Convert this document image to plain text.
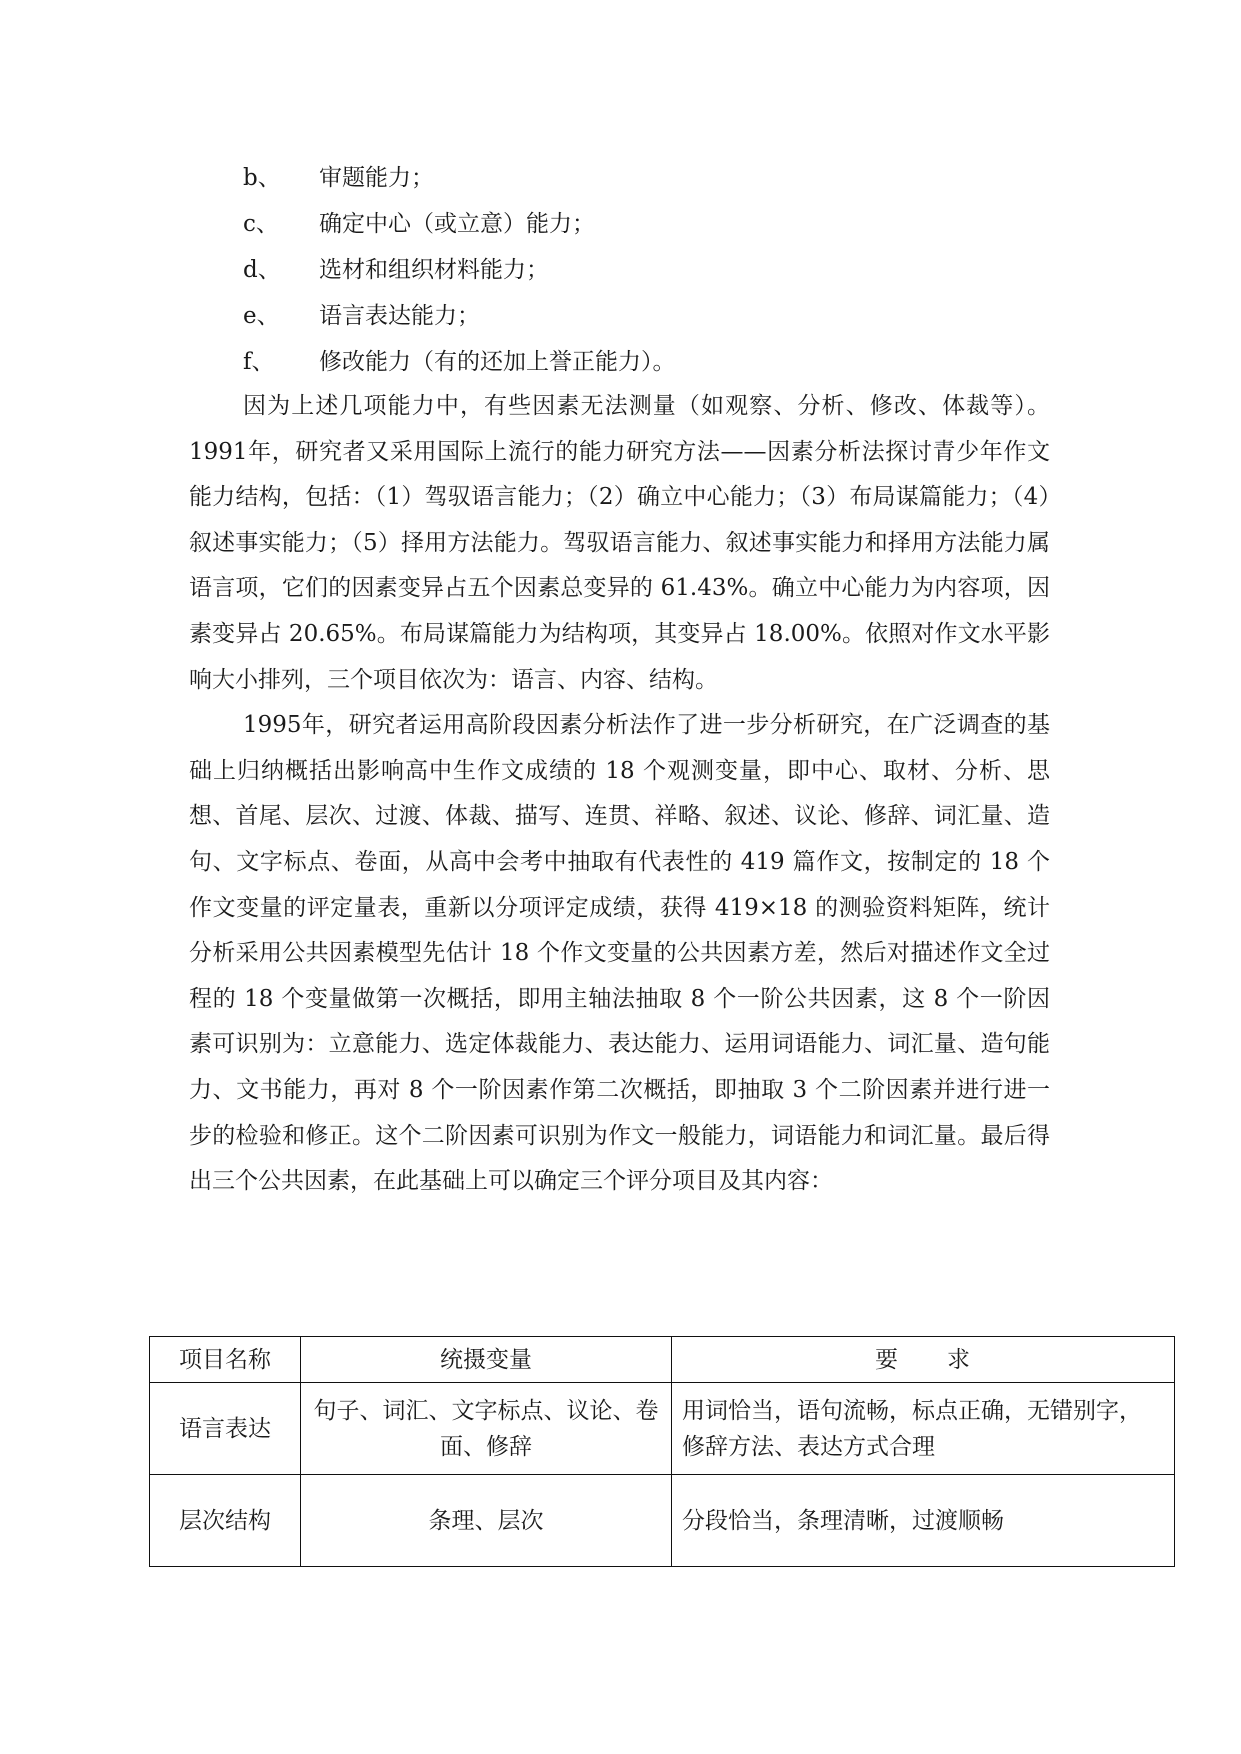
b、 审题能力；
c、 确定中心（或立意）能力；
d、 选材和组织材料能力；
e、 语言表达能力；
f、 修改能力（有的还加上誉正能力）。

因为上述几项能力中，有些因素无法测量（如观察、分析、修改、体裁等）。1991年，研究者又采用国际上流行的能力研究方法——因素分析法探讨青少年作文能力结构，包括：（1）驾驭语言能力；（2）确立中心能力；（3）布局谋篇能力；（4）叙述事实能力；（5）择用方法能力。驾驭语言能力、叙述事实能力和择用方法能力属语言项，它们的因素变异占五个因素总变异的 61.43%。确立中心能力为内容项，因素变异占 20.65%。布局谋篇能力为结构项，其变异占 18.00%。依照对作文水平影响大小排列，三个项目依次为：语言、内容、结构。

1995年，研究者运用高阶段因素分析法作了进一步分析研究，在广泛调查的基础上归纳概括出影响高中生作文成绩的 18 个观测变量，即中心、取材、分析、思想、首尾、层次、过渡、体裁、描写、连贯、祥略、叙述、议论、修辞、词汇量、造句、文字标点、卷面，从高中会考中抽取有代表性的 419 篇作文，按制定的 18 个作文变量的评定量表，重新以分项评定成绩，获得 419×18 的测验资料矩阵，统计分析采用公共因素模型先估计 18 个作文变量的公共因素方差，然后对描述作文全过程的 18 个变量做第一次概括，即用主轴法抽取 8 个一阶公共因素，这 8 个一阶因素可识别为：立意能力、选定体裁能力、表达能力、运用词语能力、词汇量、造句能力、文书能力，再对 8 个一阶因素作第二次概括，即抽取 3 个二阶因素并进行进一步的检验和修正。这个二阶因素可识别为作文一般能力，词语能力和词汇量。最后得出三个公共因素，在此基础上可以确定三个评分项目及其内容：

项目名称	统摄变量	要　　求
语言表达	句子、词汇、文字标点、议论、卷面、修辞	用词恰当，语句流畅，标点正确，无错别字，修辞方法、表达方式合理
层次结构	条理、层次	分段恰当，条理清晰，过渡顺畅
